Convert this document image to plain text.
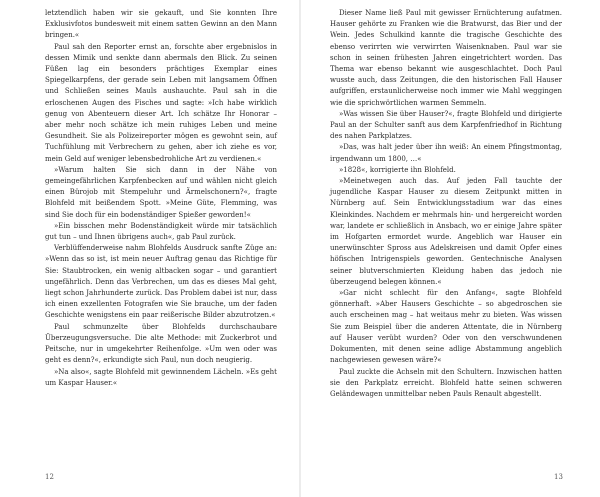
letztendlich haben wir sie gekauft, und Sie konnten Ihre Exklusivfotos bundesweit mit einem satten Gewinn an den Mann bringen.«

Paul sah den Reporter ernst an, forschte aber ergebnislos in dessen Mimik und senkte dann abermals den Blick. Zu seinen Füßen lag ein besonders prächtiges Exemplar eines Spiegelkarpfens, der gerade sein Leben mit langsamem Öffnen und Schließen seines Mauls aushauchte. Paul sah in die erloschenen Augen des Fisches und sagte: »Ich habe wirklich genug von Abenteuern dieser Art. Ich schätze Ihr Honorar – aber mehr noch schätze ich mein ruhiges Leben und meine Gesundheit. Sie als Polizeireporter mögen es gewohnt sein, auf Tuchfühlung mit Verbrechern zu gehen, aber ich ziehe es vor, mein Geld auf weniger lebensbedrohliche Art zu verdienen.«

»Warum halten Sie sich dann in der Nähe von gemeingefährlichen Karpfenbecken auf und wählen nicht gleich einen Bürojob mit Stempeluhr und Ärmelschonern?«, fragte Blohfeld mit beißendem Spott. »Meine Güte, Flemming, was sind Sie doch für ein bodenständiger Spießer geworden!«

»Ein bisschen mehr Bodenständigkeit würde mir tatsächlich gut tun – und Ihnen übrigens auch«, gab Paul zurück.

Verblüffenderweise nahm Blohfelds Ausdruck sanfte Züge an: »Wenn das so ist, ist mein neuer Auftrag genau das Richtige für Sie: Staubtrocken, ein wenig altbacken sogar – und garantiert ungefährlich. Denn das Verbrechen, um das es dieses Mal geht, liegt schon Jahrhunderte zurück. Das Problem dabei ist nur, dass ich einen exzellenten Fotografen wie Sie brauche, um der faden Geschichte wenigstens ein paar reißerische Bilder abzutrotzen.«

Paul schmunzelte über Blohfelds durchschaubare Überzeugungsversuche. Die alte Methode: mit Zuckerbrot und Peitsche, nur in umgekehrter Reihenfolge. »Um wen oder was geht es denn?«, erkundigte sich Paul, nun doch neugierig.

»Na also«, sagte Blohfeld mit gewinnendem Lächeln. »Es geht um Kaspar Hauser.«

12

Dieser Name ließ Paul mit gewisser Ernüchterung aufatmen. Hauser gehörte zu Franken wie die Bratwurst, das Bier und der Wein. Jedes Schulkind kannte die tragische Geschichte des ebenso verirrten wie verwirrten Waisenknaben. Paul war sie schon in seinen frühesten Jahren eingetrichtert worden. Das Thema war ebenso bekannt wie ausgeschlachtet. Doch Paul wusste auch, dass Zeitungen, die den historischen Fall Hauser aufgriffen, erstaunlicherweise noch immer wie Mahl weggingen wie die sprichwörtlichen warmen Semmeln.

»Was wissen Sie über Hauser?«, fragte Blohfeld und dirigierte Paul an der Schulter sanft aus dem Karpfenfriedhof in Richtung des nahen Parkplatzes.

»Das, was halt jeder über ihn weiß: An einem Pfingstmontag, irgendwann um 1800, …«

»1828«, korrigierte ihn Blohfeld.

»Meinetwegen auch das. Auf jeden Fall tauchte der jugendliche Kaspar Hauser zu diesem Zeitpunkt mitten in Nürnberg auf. Sein Entwicklungsstadium war das eines Kleinkindes. Nachdem er mehrmals hin- und hergereicht worden war, landete er schließlich in Ansbach, wo er einige Jahre später im Hofgarten ermordet wurde. Angeblich war Hauser ein unerwünschter Spross aus Adelskreisen und damit Opfer eines höfischen Intrigenspiels geworden. Gentechnische Analysen seiner blutverschmierten Kleidung haben das jedoch nie überzeugend belegen können.«

»Gar nicht schlecht für den Anfang«, sagte Blohfeld gönnerhaft. »Aber Hausers Geschichte – so abgedroschen sie auch erscheinen mag – hat weitaus mehr zu bieten. Was wissen Sie zum Beispiel über die anderen Attentate, die in Nürnberg auf Hauser verübt wurden? Oder von den verschwundenen Dokumenten, mit denen seine adlige Abstammung angeblich nachgewiesen gewesen wäre?«

Paul zuckte die Achseln mit den Schultern. Inzwischen hatten sie den Parkplatz erreicht. Blohfeld hatte seinen schweren Geländewagen unmittelbar neben Pauls Renault abgestellt.

13
